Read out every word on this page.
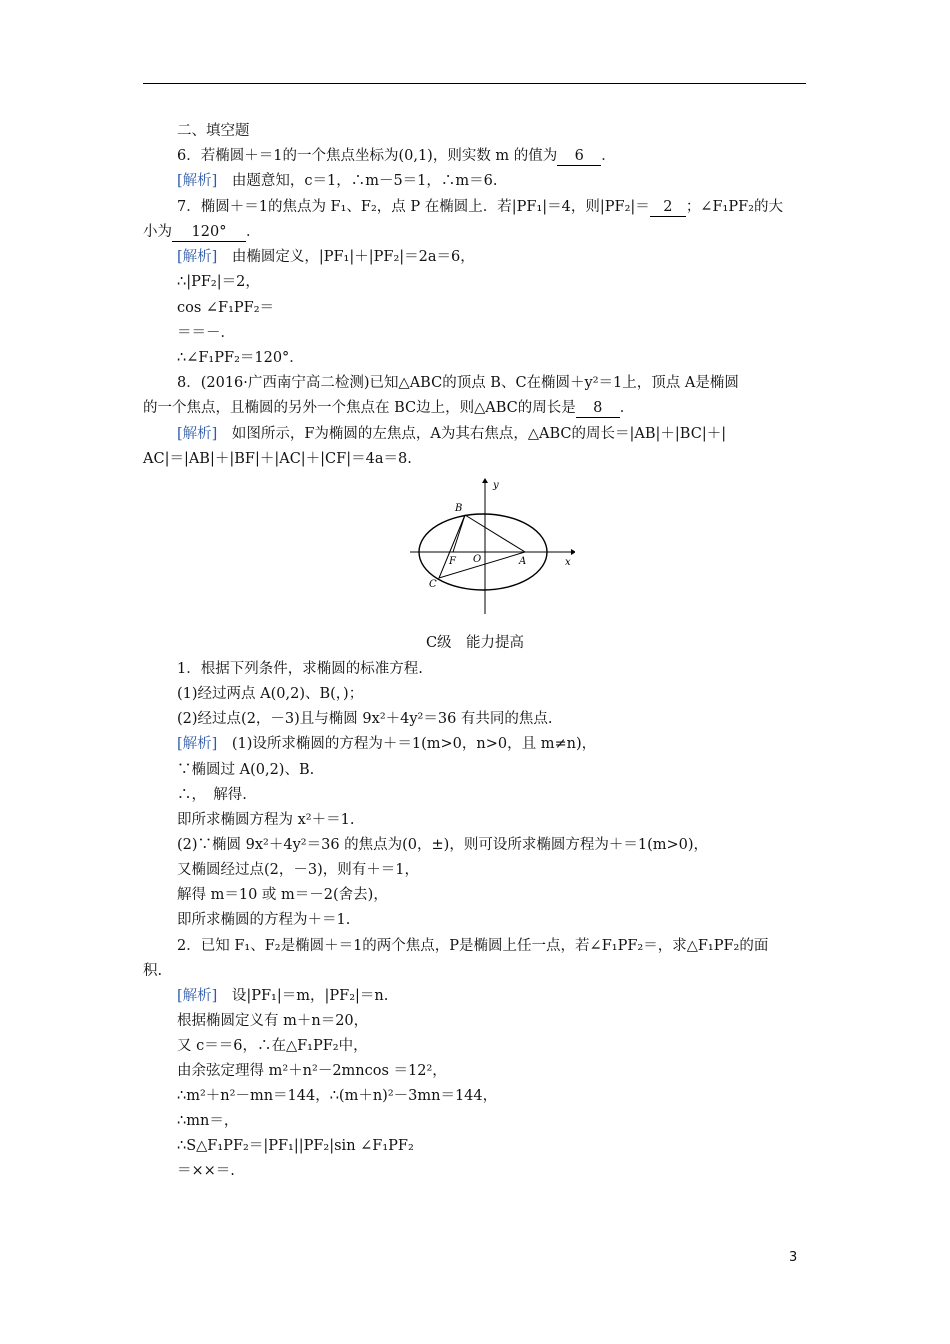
二、填空题
6．若椭圆＋＝1的一个焦点坐标为(0,1)，则实数 m 的值为 6 ．
[ 解析 ]　 由题意知，c＝1，∴m－5＝1，∴m＝6.
7．椭圆＋＝1的焦点为 F₁、F₂，点 P 在椭圆上．若|PF₁|＝4，则|PF₂|＝ 2 ；∠F₁PF₂的大
小为 120° ．
[ 解析 ]　 由椭圆定义，|PF₁|＋|PF₂|＝2a＝6，
∴|PF₂|＝2，
cos ∠F₁PF₂＝
＝＝－．
∴∠F₁PF₂＝120°．
8．(2016·广西南宁高二检测)已知△ABC的顶点 B、C在椭圆＋y²＝1上，顶点 A是椭圆
的一个焦点，且椭圆的另外一个焦点在 BC边上，则△ABC的周长是 8 ．
[ 解析 ]　 如图所示，F为椭圆的左焦点，A为其右焦点，△ABC的周长＝|AB|＋|BC|＋|
AC|＝|AB|＋|BF|＋|AC|＋|CF|＝4a＝8.
y
x
B
F O	A
C
C级　能力提高
1．根据下列条件，求椭圆的标准方程.
(1)经过两点 A(0,2)、B(，)；
(2)经过点(2，－3)且与椭圆 9x²＋4y²＝36 有共同的焦点.
[ 解析 ]　 (1)设所求椭圆的方程为＋＝1(m>0，n>0，且 m≠n)，
∵椭圆过 A(0,2)、B.
∴，　解得.
即所求椭圆方程为 x²＋＝1.
(2)∵椭圆 9x²＋4y²＝36 的焦点为(0，±)，则可设所求椭圆方程为＋＝1(m>0)，
又椭圆经过点(2，－3)，则有＋＝1，
解得 m＝10 或 m＝－2(舍去)，
即所求椭圆的方程为＋＝1.
2．已知 F₁、F₂是椭圆＋＝1的两个焦点，P是椭圆上任一点，若∠F₁PF₂＝，求△F₁PF₂的面
积.
[ 解析 ]　 设|PF₁|＝m，|PF₂|＝n.
根据椭圆定义有 m＋n＝20，
又 c＝＝6，∴在△F₁PF₂中，
由余弦定理得 m²＋n²－2mncos ＝12²，
∴m²＋n²－mn＝144，∴(m＋n)²－3mn＝144，
∴mn＝，
∴S△F₁PF₂＝|PF₁||PF₂|sin ∠F₁PF₂
＝××＝.
3
